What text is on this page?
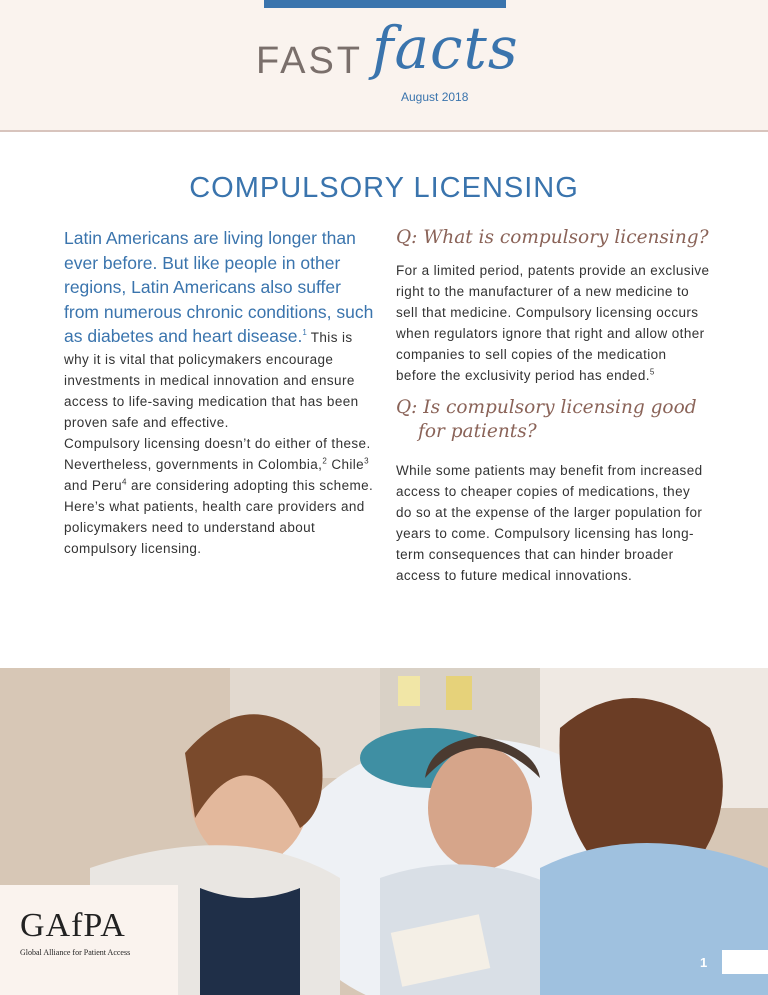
FAST facts
August 2018
COMPULSORY LICENSING

Latin Americans are living longer than ever before. But like people in other regions, Latin Americans also suffer from numerous chronic conditions, such as diabetes and heart disease.$^1$ This is why it is vital that policymakers encourage investments in medical innovation and ensure access to life-saving medication that has been proven safe and effective.

Compulsory licensing doesn’t do either of these. Nevertheless, governments in Colombia,$^2$ Chile$^3$ and Peru$^4$ are considering adopting this scheme. Here’s what patients, health care providers and policymakers need to understand about compulsory licensing.

Q: What is compulsory licensing?

For a limited period, patents provide an exclusive right to the manufacturer of a new medicine to sell that medicine. Compulsory licensing occurs when regulators ignore that right and allow other companies to sell copies of the medication before the exclusivity period has ended.$^5$

Q: Is compulsory licensing good
for patients?

While some patients may benefit from increased access to cheaper copies of medications, they do so at the expense of the larger population for years to come. Compulsory licensing has long-term consequences that can hinder broader access to future medical innovations.

GAfPA
Global Alliance for Patient Access
1
